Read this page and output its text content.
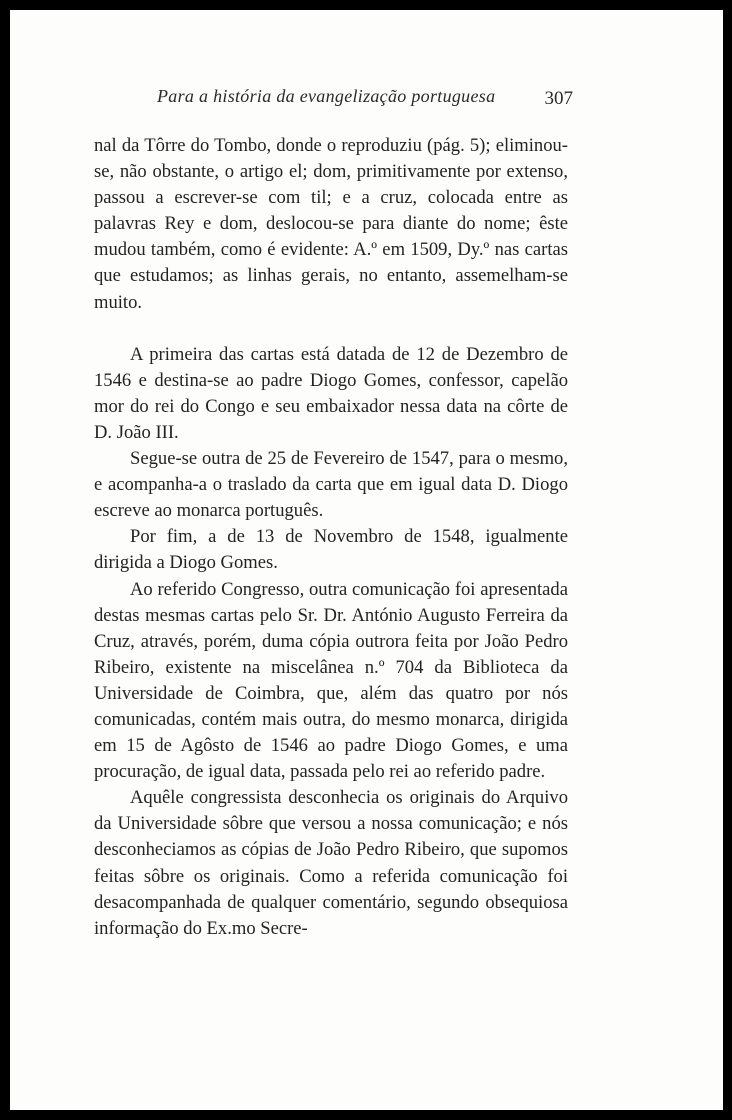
Para a história da evangelização portuguesa	307

nal da Tôrre do Tombo, donde o reproduziu (pág. 5); eliminou-se, não obstante, o artigo el; dom, primitivamente por extenso, passou a escrever-se com til; e a cruz, colocada entre as palavras Rey e dom, deslocou-se para diante do nome; êste mudou também, como é evidente: A.º em 1509, Dy.º nas cartas que estudamos; as linhas gerais, no entanto, assemelham-se muito.

A primeira das cartas está datada de 12 de Dezembro de 1546 e destina-se ao padre Diogo Gomes, confessor, capelão mor do rei do Congo e seu embaixador nessa data na côrte de D. João III.

Segue-se outra de 25 de Fevereiro de 1547, para o mesmo, e acompanha-a o traslado da carta que em igual data D. Diogo escreve ao monarca português.

Por fim, a de 13 de Novembro de 1548, igualmente dirigida a Diogo Gomes.

Ao referido Congresso, outra comunicação foi apresentada destas mesmas cartas pelo Sr. Dr. António Augusto Ferreira da Cruz, através, porém, duma cópia outrora feita por João Pedro Ribeiro, existente na miscelânea n.º 704 da Biblioteca da Universidade de Coimbra, que, além das quatro por nós comunicadas, contém mais outra, do mesmo monarca, dirigida em 15 de Agôsto de 1546 ao padre Diogo Gomes, e uma procuração, de igual data, passada pelo rei ao referido padre.

Aquêle congressista desconhecia os originais do Arquivo da Universidade sôbre que versou a nossa comunicação; e nós desconheciamos as cópias de João Pedro Ribeiro, que supomos feitas sôbre os originais. Como a referida comunicação foi desacompanhada de qualquer comentário, segundo obsequiosa informação do Ex.mo Secre-
